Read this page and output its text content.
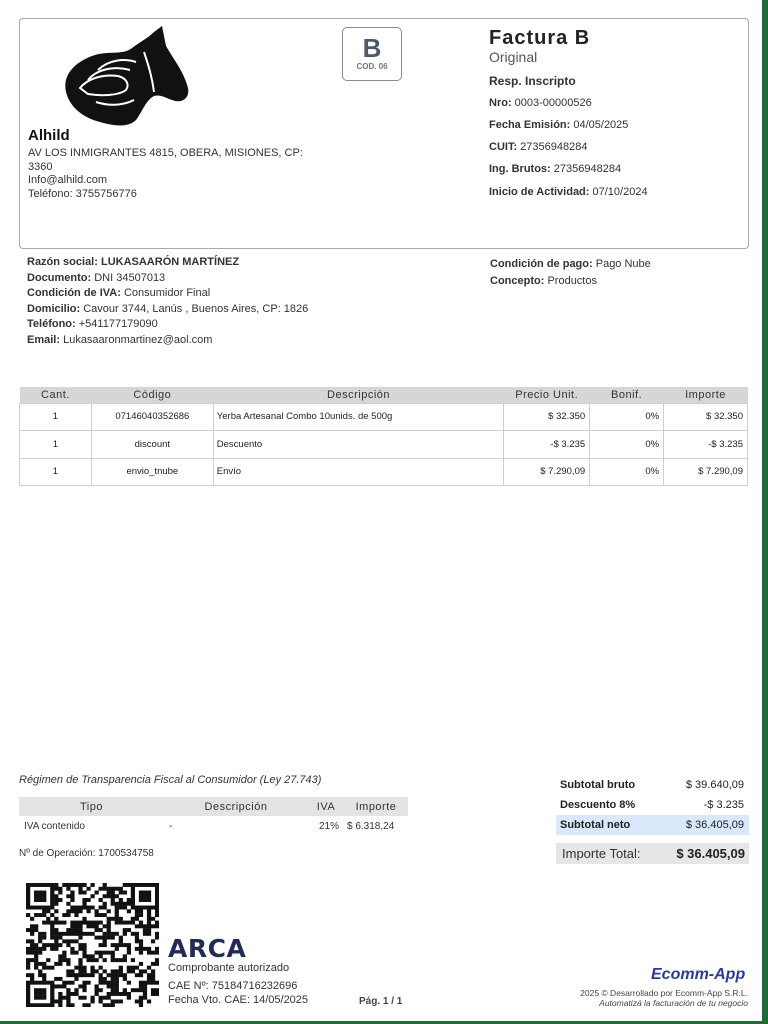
Alhild
AV LOS INMIGRANTES 4815, OBERA, MISIONES, CP: 3360
Info@alhild.com
Teléfono: 3755756776
B
COD. 06
Factura B
Original
Resp. Inscripto
Nro: 0003-00000526
Fecha Emisión: 04/05/2025
CUIT: 27356948284
Ing. Brutos: 27356948284
Inicio de Actividad: 07/10/2024
Razón social: LUKASAARÓN MARTÍNEZ
Documento: DNI 34507013
Condición de IVA: Consumidor Final
Domicilio: Cavour 3744, Lanús , Buenos Aires, CP: 1826
Teléfono: +541177179090
Email: Lukasaaronmartinez@aol.com
Condición de pago: Pago Nube
Concepto: Productos
Cant.	Código	Descripción	Precio Unit.	Bonif.	Importe
1	07146040352686	Yerba Artesanal Combo 10unids. de 500g	$ 32.350	0%	$ 32.350
1	discount	Descuento	-$ 3.235	0%	-$ 3.235
1	envio_tnube	Envío	$ 7.290,09	0%	$ 7.290,09
Régimen de Transparencia Fiscal al Consumidor (Ley 27.743)
Tipo	Descripción	IVA	Importe
IVA contenido	-	21%	$ 6.318,24
Nº de Operación: 1700534758
Subtotal bruto	$ 39.640,09
Descuento 8%	-$ 3.235
Subtotal neto	$ 36.405,09
Importe Total:	$ 36.405,09
ARCA
Comprobante autorizado
CAE Nº: 75184716232696
Fecha Vto. CAE: 14/05/2025	Pág. 1 / 1
Ecomm-App
2025 © Desarrollado por Ecomm-App S.R.L.
Automatizá la facturación de tu negocio
